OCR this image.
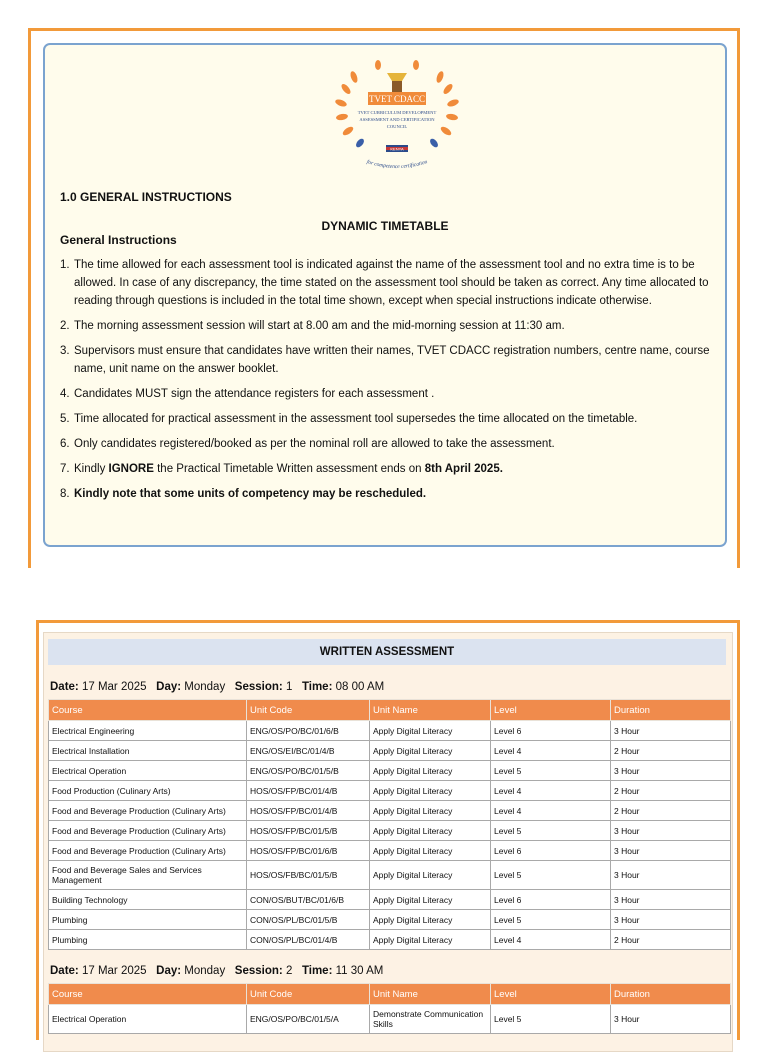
TVET CDACC
TVET CURRICULUM DEVELOPMENT
ASSESSMENT AND CERTIFICATION
COUNCIL
KENYA
for competence certification
1.0 GENERAL INSTRUCTIONS
DYNAMIC TIMETABLE
General Instructions
1. The time allowed for each assessment tool is indicated against the name of the assessment tool and no extra time is to be allowed. In case of any discrepancy, the time stated on the assessment tool should be taken as correct. Any time allocated to reading through questions is included in the total time shown, except when special instructions indicate otherwise.
2. The morning assessment session will start at 8.00 am and the mid-morning session at 11:30 am.
3. Supervisors must ensure that candidates have written their names, TVET CDACC registration numbers, centre name, course name, unit name on the answer booklet.
4. Candidates MUST sign the attendance registers for each assessment .
5. Time allocated for practical assessment in the assessment tool supersedes the time allocated on the timetable.
6. Only candidates registered/booked as per the nominal roll are allowed to take the assessment.
7. Kindly IGNORE the Practical Timetable Written assessment ends on 8th April 2025.
8. Kindly note that some units of competency may be rescheduled.
WRITTEN ASSESSMENT
Date: 17 Mar 2025 Day: Monday Session: 1 Time: 08 00 AM
Course	Unit Code	Unit Name	Level	Duration
Electrical Engineering	ENG/OS/PO/BC/01/6/B	Apply Digital Literacy	Level 6	3 Hour
Electrical Installation	ENG/OS/EI/BC/01/4/B	Apply Digital Literacy	Level 4	2 Hour
Electrical Operation	ENG/OS/PO/BC/01/5/B	Apply Digital Literacy	Level 5	3 Hour
Food Production (Culinary Arts)	HOS/OS/FP/BC/01/4/B	Apply Digital Literacy	Level 4	2 Hour
Food and Beverage Production (Culinary Arts)	HOS/OS/FP/BC/01/4/B	Apply Digital Literacy	Level 4	2 Hour
Food and Beverage Production (Culinary Arts)	HOS/OS/FP/BC/01/5/B	Apply Digital Literacy	Level 5	3 Hour
Food and Beverage Production (Culinary Arts)	HOS/OS/FP/BC/01/6/B	Apply Digital Literacy	Level 6	3 Hour
Food and Beverage Sales and Services Management	HOS/OS/FB/BC/01/5/B	Apply Digital Literacy	Level 5	3 Hour
Building Technology	CON/OS/BUT/BC/01/6/B	Apply Digital Literacy	Level 6	3 Hour
Plumbing	CON/OS/PL/BC/01/5/B	Apply Digital Literacy	Level 5	3 Hour
Plumbing	CON/OS/PL/BC/01/4/B	Apply Digital Literacy	Level 4	2 Hour
Date: 17 Mar 2025 Day: Monday Session: 2 Time: 11 30 AM
Course	Unit Code	Unit Name	Level	Duration
Electrical Operation	ENG/OS/PO/BC/01/5/A	Demonstrate Communication Skills	Level 5	3 Hour
